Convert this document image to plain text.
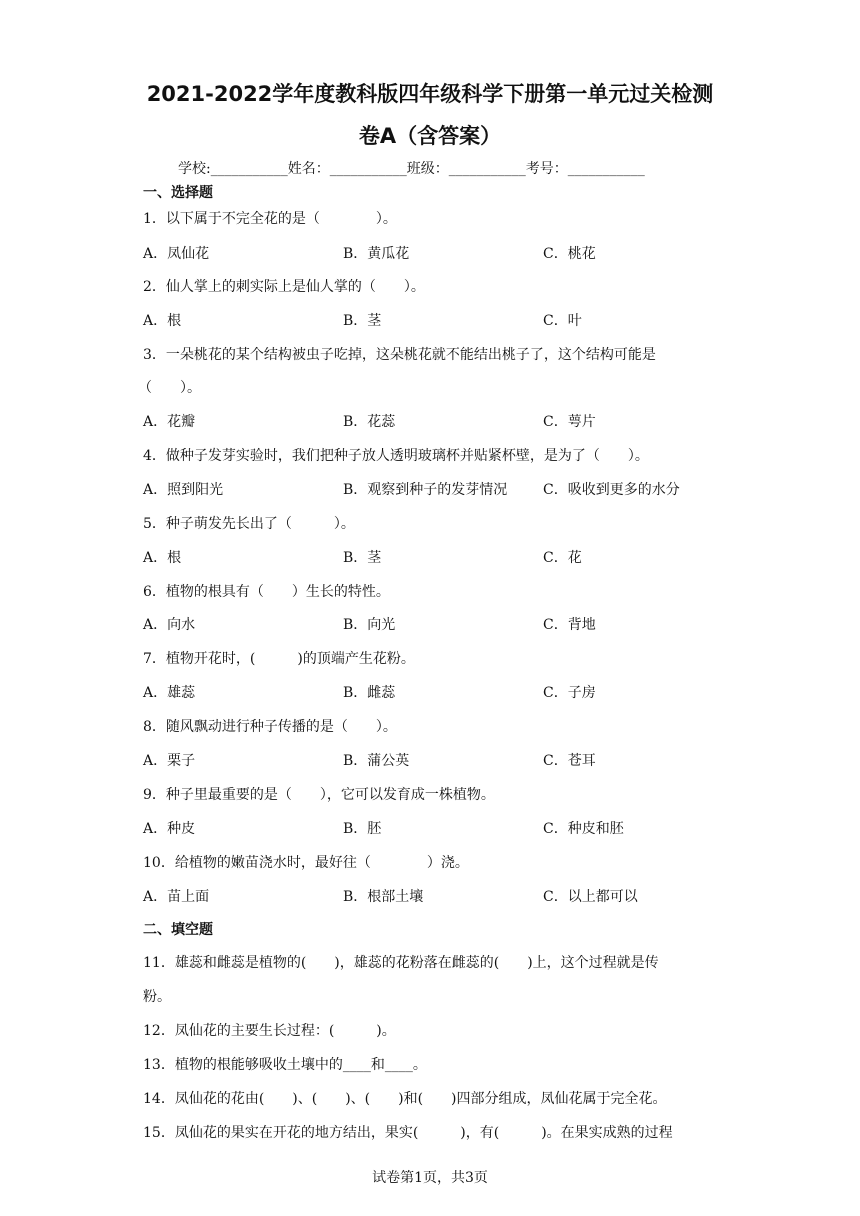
2021-2022学年度教科版四年级科学下册第一单元过关检测
卷A（含答案）
学校:___________姓名：___________班级：___________考号：___________
一、选择题
1．以下属于不完全花的是（　　　　）。
A．凤仙花	B．黄瓜花	C．桃花
2．仙人掌上的刺实际上是仙人掌的（　　）。
A．根	B．茎	C．叶
3．一朵桃花的某个结构被虫子吃掉，这朵桃花就不能结出桃子了，这个结构可能是
（　　）。
A．花瓣	B．花蕊	C．萼片
4．做种子发芽实验时，我们把种子放人透明玻璃杯并贴紧杯壁，是为了（　　）。
A．照到阳光	B．观察到种子的发芽情况	C．吸收到更多的水分
5．种子萌发先长出了（　　　）。
A．根	B．茎	C．花
6．植物的根具有（　　）生长的特性。
A．向水	B．向光	C．背地
7．植物开花时，(　　　)的顶端产生花粉。
A．雄蕊	B．雌蕊	C．子房
8．随风飘动进行种子传播的是（　　）。
A．栗子	B．蒲公英	C．苍耳
9．种子里最重要的是（　　），它可以发育成一株植物。
A．种皮	B．胚	C．种皮和胚
10．给植物的嫩苗浇水时，最好往（　　　　）浇。
A．苗上面	B．根部土壤	C．以上都可以
二、填空题
11．雄蕊和雌蕊是植物的(　　)，雄蕊的花粉落在雌蕊的(　　)上，这个过程就是传
粉。
12．凤仙花的主要生长过程：(　　　)。
13．植物的根能够吸收土壤中的____和____。
14．凤仙花的花由(　　)、(　　)、(　　)和(　　)四部分组成，凤仙花属于完全花。
15．凤仙花的果实在开花的地方结出，果实(　　　)，有(　　　)。在果实成熟的过程
试卷第1页，共3页
